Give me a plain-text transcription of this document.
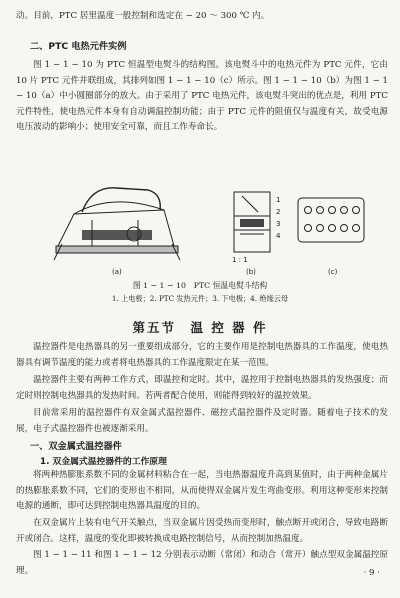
动。目前，PTC 居里温度一般控制和选定在 − 20 ～ 300 ℃ 内。

二、PTC 电热元件实例

图 1 − 1 − 10 为 PTC 恒温型电熨斗的结构图。该电熨斗中的电热元件为 PTC 元件，它由 10 片 PTC 元件并联组成，其排列如图 1 − 1 − 10（c）所示。图 1 − 1 − 10（b）为图 1 − 1 − 10（a）中小圆圈部分的放大。由于采用了 PTC 电热元件，该电熨斗突出的优点是，利用 PTC 元件特性，使电热元件本身有自动调温控制功能；由于 PTC 元件的阻值仅与温度有关，故受电源电压波动的影响小；使用安全可靠，而且工作寿命长。

1
2
3
4
1 : 1
(a)	(b)	(c)
图 1 − 1 − 10　PTC 恒温电熨斗结构
1. 上电极；2. PTC 发热元件；3. 下电极；4. 绝缘云母
第五节　温 控 器 件

温控器件是电热器具的另一重要组成部分，它的主要作用是控制电热器具的工作温度，使电热器具有调节温度的能力或者将电热器具的工作温度限定在某一范围。

温控器件主要有两种工作方式，即温控和定时。其中，温控用于控制电热器具的发热强度；而定时则控制电热器具的发热时间。若两者配合使用，则能得到较好的温控效果。

目前常采用的温控器件有双金属式温控器件、磁控式温控器件及定时器。随着电子技术的发展，电子式温控器件也被逐渐采用。

一、双金属式温控器件
1. 双金属式温控器件的工作原理

将两种热膨胀系数不同的金属材料粘合在一起，当电热器温度升高到某值时，由于两种金属片的热膨胀系数不同，它们的变形也不相同，从而使得双金属片发生弯曲变形。利用这种变形来控制电源的通断，即可达到控制电热器具温度的目的。

在双金属片上装有电气开关触点，当双金属片因受热而变形时，触点断开或闭合，导致电路断开或闭合。这样，温度的变化即被转换成电路控制信号，从而控制加热温度。

图 1 − 1 − 11 和图 1 − 1 − 12 分别表示动断（常闭）和动合（常开）触点型双金属温控原理。	· 9 ·
